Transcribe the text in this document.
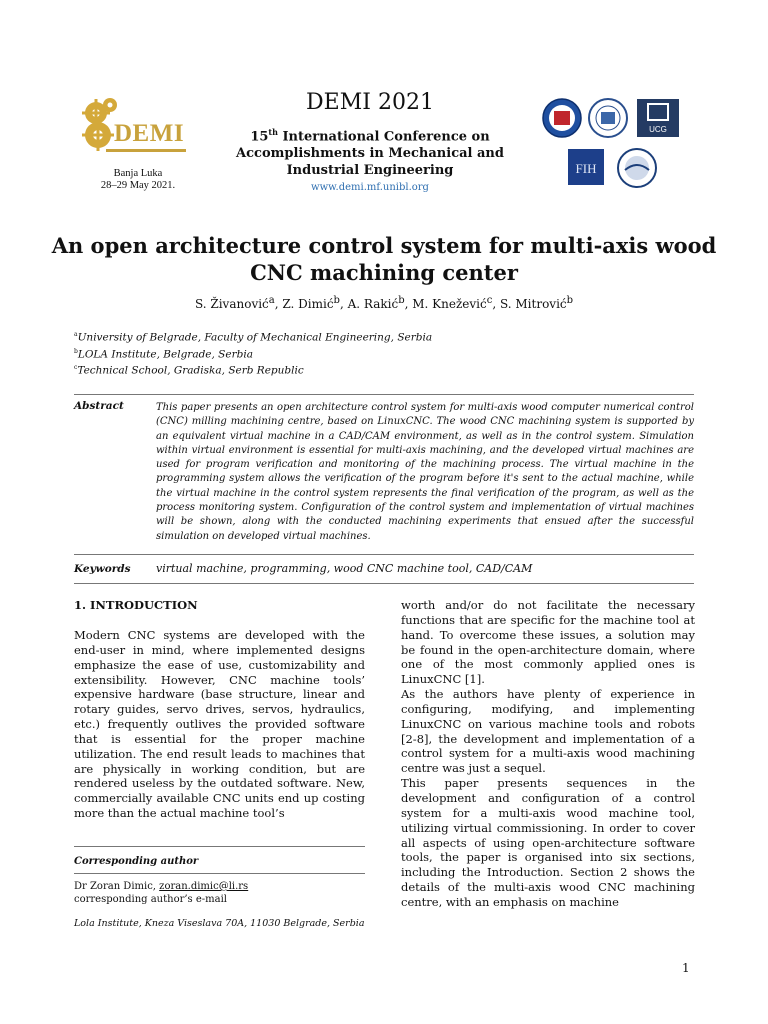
DEMI
Banja Luka
28–29 May 2021.
DEMI 2021
15th International Conference on
Accomplishments in Mechanical and
Industrial Engineering
www.demi.mf.unibl.org
UCG
FIH
An open architecture control system for multi-axis wood
CNC machining center
S. Živanović$^a$, Z. Dimić$^b$, A. Rakić$^b$, M. Knežević$^c$, S. Mitrović$^b$
$^a$University of Belgrade, Faculty of Mechanical Engineering, Serbia
$^b$LOLA Institute, Belgrade, Serbia
$^c$Technical School, Gradiska, Serb Republic
Abstract	This paper presents an open architecture control system for multi-axis wood computer numerical control (CNC) milling machining centre, based on LinuxCNC. The wood CNC machining system is supported by an equivalent virtual machine in a CAD/CAM environment, as well as in the control system. Simulation within virtual environment is essential for multi-axis machining, and the developed virtual machines are used for program verification and monitoring of the machining process. The virtual machine in the programming system allows the verification of the program before it's sent to the actual machine, while the virtual machine in the control system represents the final verification of the program, as well as the process monitoring system. Configuration of the control system and implementation of virtual machines will be shown, along with the conducted machining experiments that ensued after the successful simulation on developed virtual machines.
Keywords virtual machine, programming, wood CNC machine tool, CAD/CAM
1. INTRODUCTION

Modern CNC systems are developed with the end-user in mind, where implemented designs emphasize the ease of use, customizability and extensibility. However, CNC machine tools’ expensive hardware (base structure, linear and rotary guides, servo drives, servos, hydraulics, etc.) frequently outlives the provided software that is essential for the proper machine utilization. The end result leads to machines that are physically in working condition, but are rendered useless by the outdated software. New, commercially available CNC units end up costing more than the actual machine tool’s

worth and/or do not facilitate the necessary functions that are specific for the machine tool at hand. To overcome these issues, a solution may be found in the open-architecture domain, where one of the most commonly applied ones is LinuxCNC [1].

As the authors have plenty of experience in configuring, modifying, and implementing LinuxCNC on various machine tools and robots [2-8], the development and implementation of a control system for a multi-axis wood machining centre was just a sequel.

This paper presents sequences in the development and configuration of a control system for a multi-axis wood machine tool, utilizing virtual commissioning. In order to cover all aspects of using open-architecture software tools, the paper is organised into six sections, including the Introduction. Section 2 shows the details of the multi-axis wood CNC machining centre, with an emphasis on machine

Corresponding author
Dr Zoran Dimic, zoran.dimic@li.rs
corresponding author’s e-mail
Lola Institute, Kneza Viseslava 70A, 11030 Belgrade, Serbia
1
